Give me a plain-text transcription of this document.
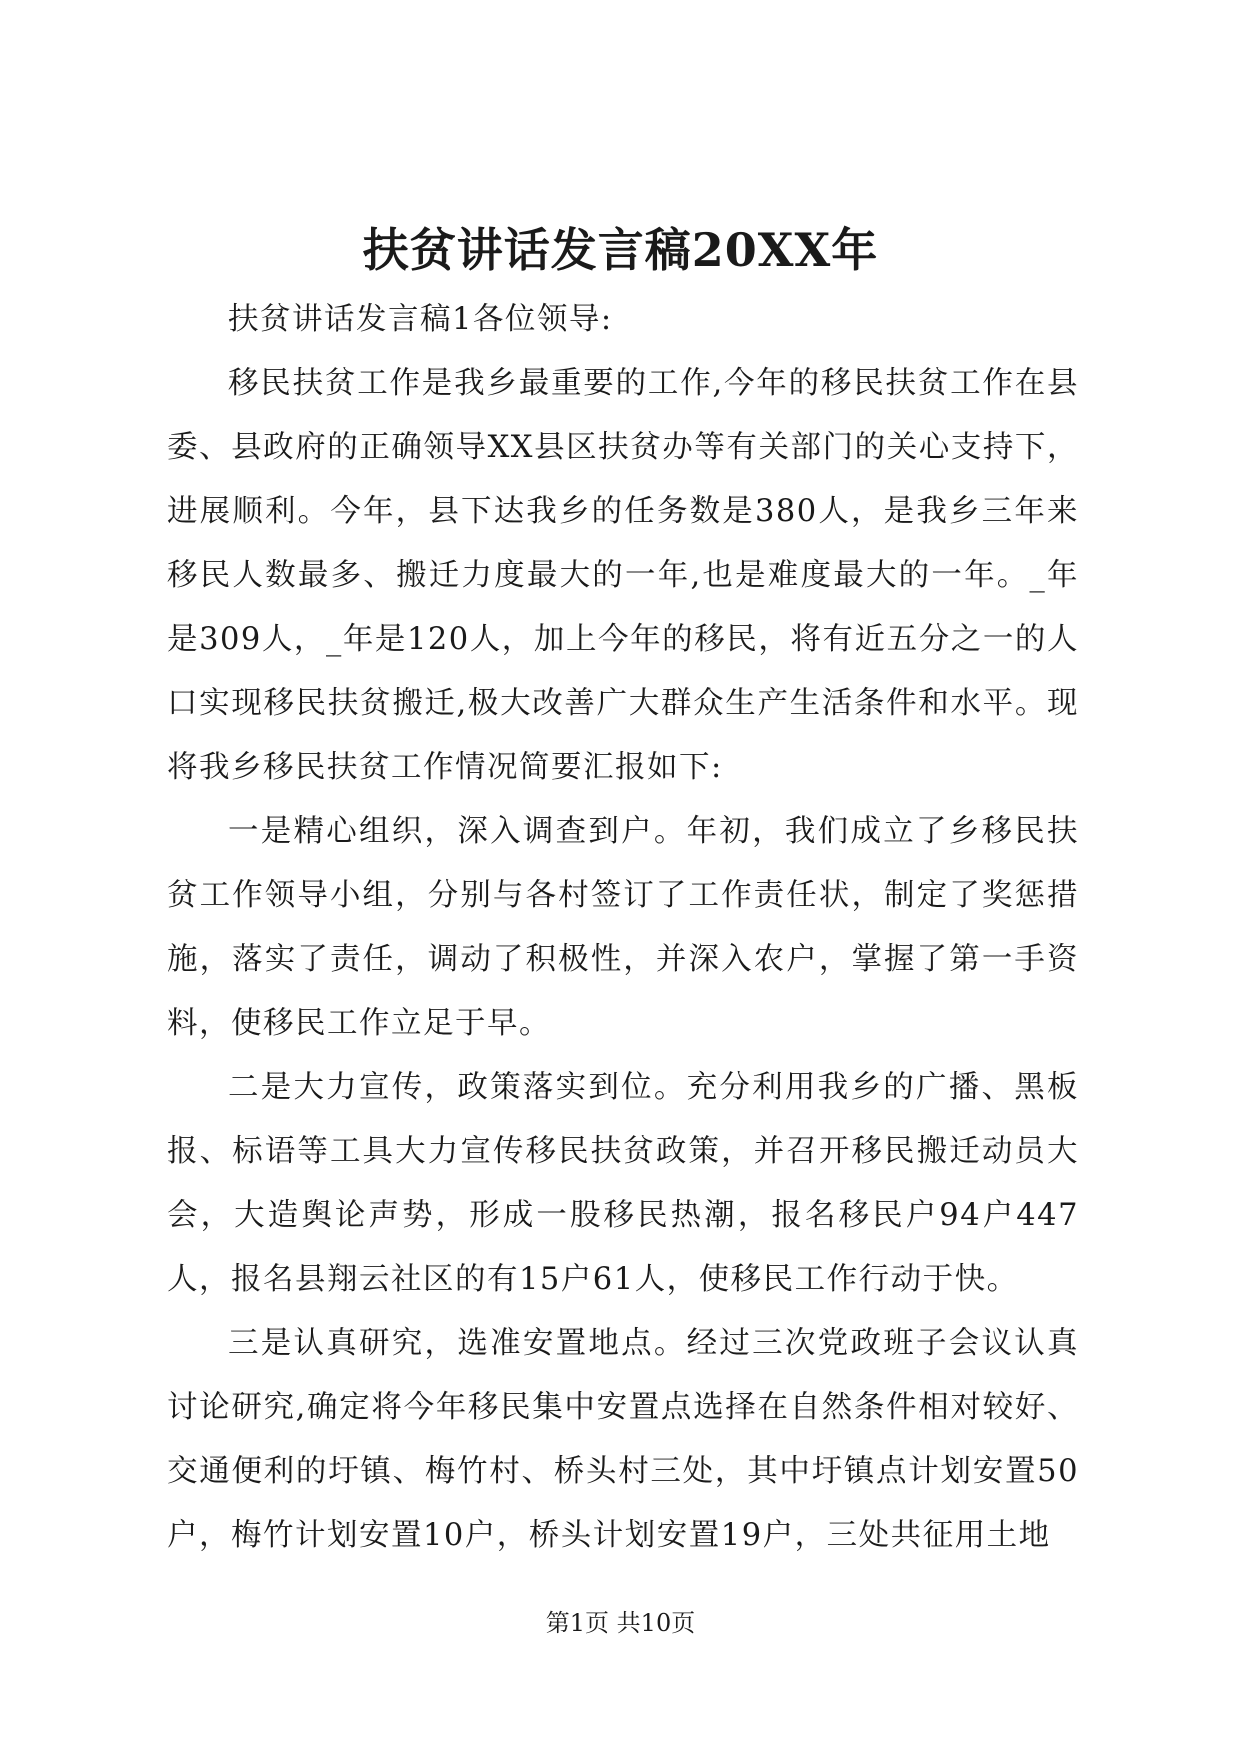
扶贫讲话发言稿20XX年

扶贫讲话发言稿1各位领导:

移民扶贫工作是我乡最重要的工作,今年的移民扶贫工作在县委、县政府的正确领导XX县区扶贫办等有关部门的关心支持下，进展顺利。今年，县下达我乡的任务数是380人，是我乡三年来移民人数最多、搬迁力度最大的一年,也是难度最大的一年。_年是309人，_年是120人，加上今年的移民，将有近五分之一的人口实现移民扶贫搬迁,极大改善广大群众生产生活条件和水平。现将我乡移民扶贫工作情况简要汇报如下:

一是精心组织，深入调查到户。年初，我们成立了乡移民扶贫工作领导小组，分别与各村签订了工作责任状，制定了奖惩措施，落实了责任，调动了积极性，并深入农户，掌握了第一手资料，使移民工作立足于早。

二是大力宣传，政策落实到位。充分利用我乡的广播、黑板报、标语等工具大力宣传移民扶贫政策，并召开移民搬迁动员大会，大造舆论声势，形成一股移民热潮，报名移民户94户447人，报名县翔云社区的有15户61人，使移民工作行动于快。

三是认真研究，选准安置地点。经过三次党政班子会议认真讨论研究,确定将今年移民集中安置点选择在自然条件相对较好、交通便利的圩镇、梅竹村、桥头村三处，其中圩镇点计划安置50户，梅竹计划安置10户，桥头计划安置19户，三处共征用土地

第1页 共10页
